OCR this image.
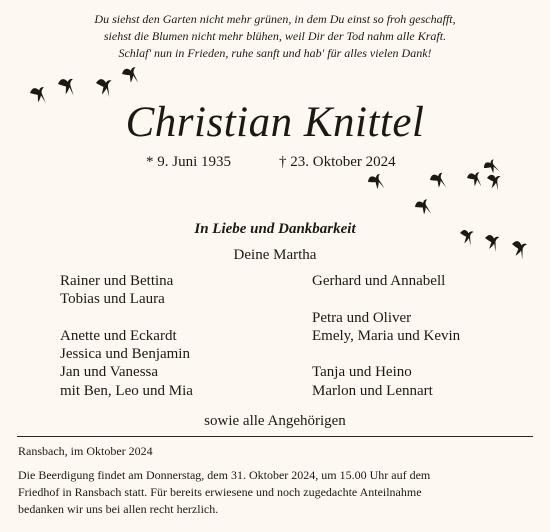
Du siehst den Garten nicht mehr grünen, in dem Du einst so froh geschafft,
siehst die Blumen nicht mehr blühen, weil Dir der Tod nahm alle Kraft.
Schlaf' nun in Frieden, ruhe sanft und hab' für alles vielen Dank!
Christian Knittel
* 9. Juni 1935	† 23. Oktober 2024
In Liebe und Dankbarkeit
Deine Martha
Rainer und Bettina
Tobias und Laura
Anette und Eckardt
Jessica und Benjamin
Jan und Vanessa
mit Ben, Leo und Mia
Gerhard und Annabell
Petra und Oliver
Emely, Maria und Kevin
Tanja und Heino
Marlon und Lennart
sowie alle Angehörigen
Ransbach, im Oktober 2024
Die Beerdigung findet am Donnerstag, dem 31. Oktober 2024, um 15.00 Uhr auf dem
Friedhof in Ransbach statt. Für bereits erwiesene und noch zugedachte Anteilnahme
bedanken wir uns bei allen recht herzlich.
